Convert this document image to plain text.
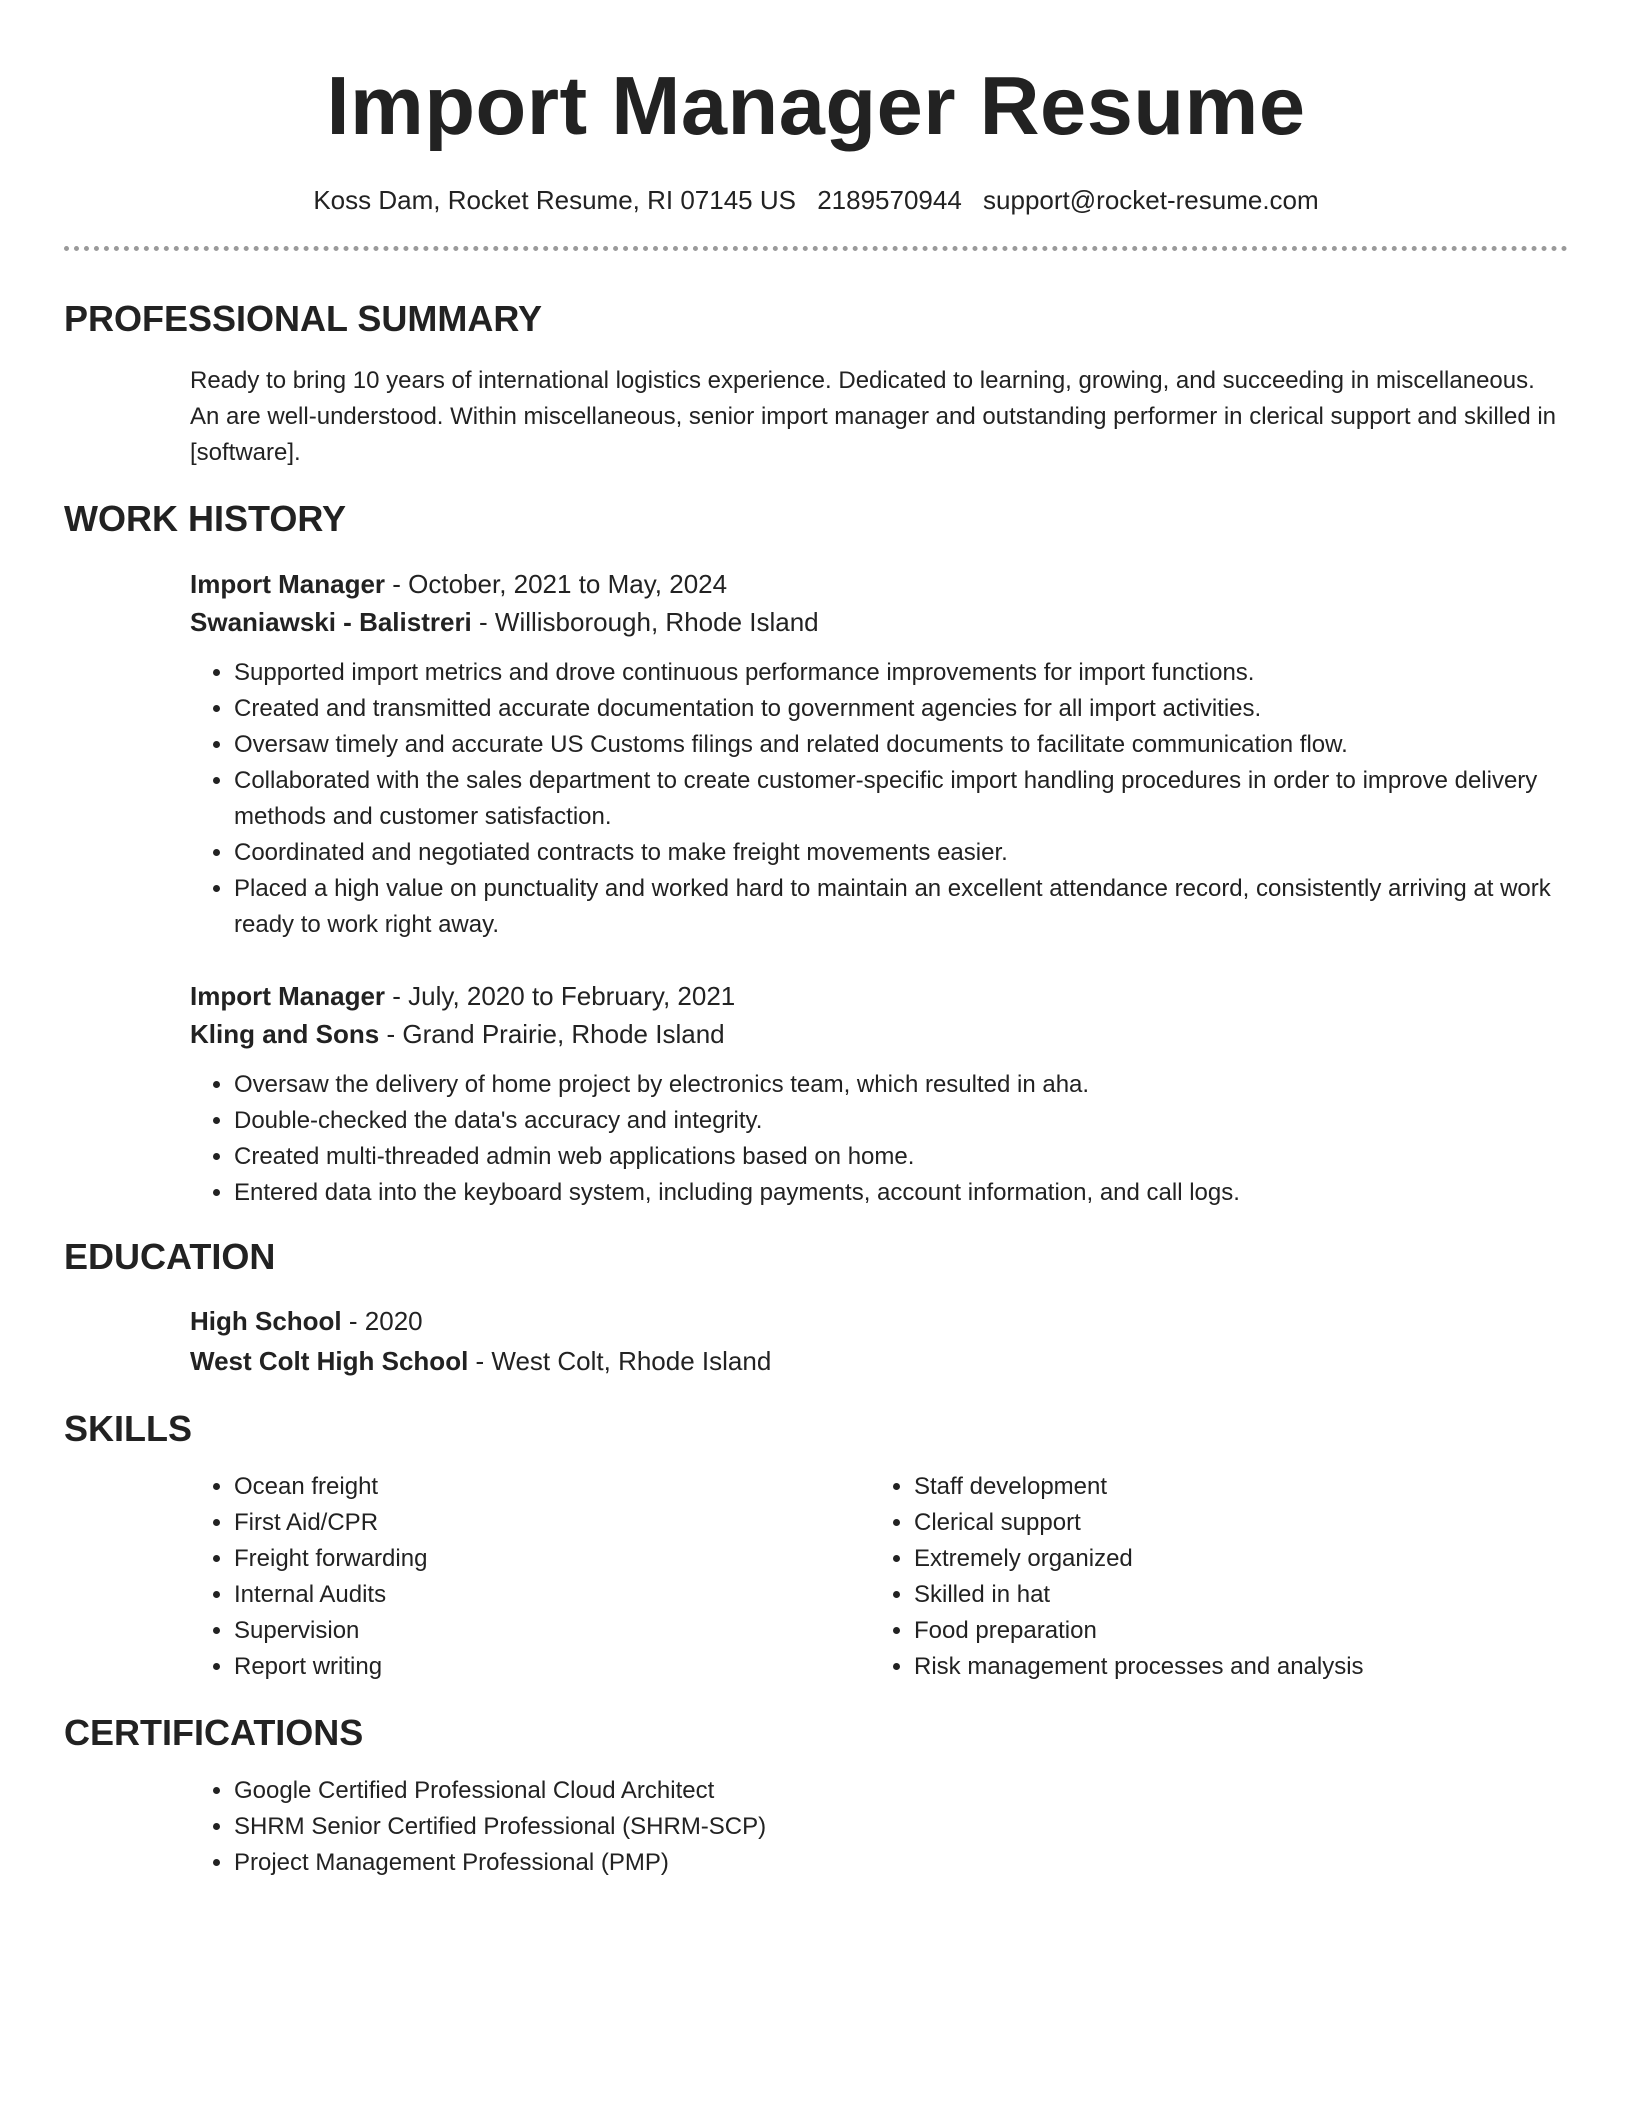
Import Manager Resume
Koss Dam, Rocket Resume, RI 07145 US 2189570944 support@rocket-resume.com
PROFESSIONAL SUMMARY
Ready to bring 10 years of international logistics experience. Dedicated to learning, growing, and succeeding in miscellaneous. An are well-understood. Within miscellaneous, senior import manager and outstanding performer in clerical support and skilled in [software].
WORK HISTORY
Import Manager - October, 2021 to May, 2024
Swaniawski - Balistreri - Willisborough, Rhode Island
• Supported import metrics and drove continuous performance improvements for import functions.
• Created and transmitted accurate documentation to government agencies for all import activities.
• Oversaw timely and accurate US Customs filings and related documents to facilitate communication flow.
• Collaborated with the sales department to create customer-specific import handling procedures in order to improve delivery methods and customer satisfaction.
• Coordinated and negotiated contracts to make freight movements easier.
• Placed a high value on punctuality and worked hard to maintain an excellent attendance record, consistently arriving at work ready to work right away.
Import Manager - July, 2020 to February, 2021
Kling and Sons - Grand Prairie, Rhode Island
• Oversaw the delivery of home project by electronics team, which resulted in aha.
• Double-checked the data's accuracy and integrity.
• Created multi-threaded admin web applications based on home.
• Entered data into the keyboard system, including payments, account information, and call logs.
EDUCATION
High School - 2020
West Colt High School - West Colt, Rhode Island
SKILLS
• Ocean freight
• First Aid/CPR
• Freight forwarding
• Internal Audits
• Supervision
• Report writing
• Staff development
• Clerical support
• Extremely organized
• Skilled in hat
• Food preparation
• Risk management processes and analysis
CERTIFICATIONS
• Google Certified Professional Cloud Architect
• SHRM Senior Certified Professional (SHRM-SCP)
• Project Management Professional (PMP)
